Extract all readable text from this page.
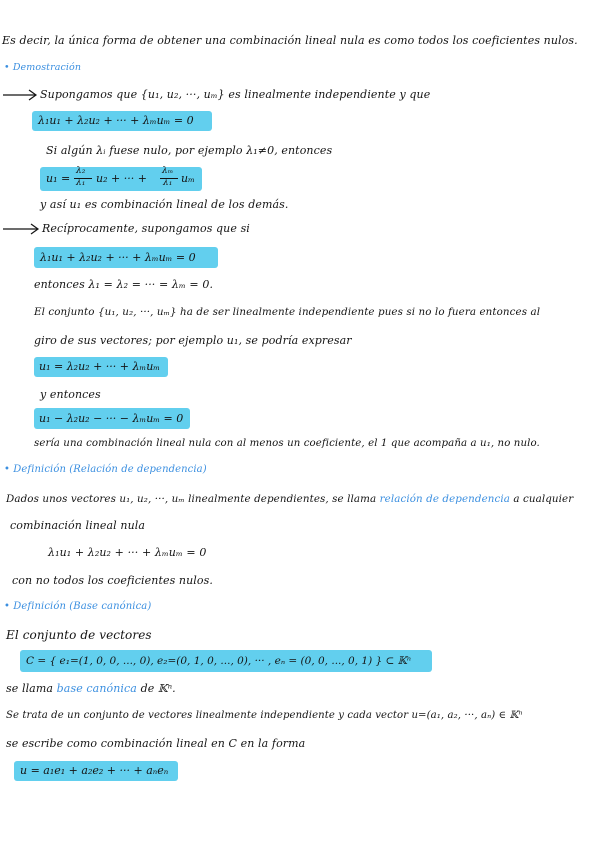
Es decir, la única forma de obtener una combinación lineal nula es como todos los coeficientes nulos.
• Demostración
Supongamos que {u₁, u₂, ···, uₘ} es linealmente independiente y que
λ₁u₁ + λ₂u₂ + ··· + λₘuₘ = 0
Si algún λᵢ fuese nulo, por ejemplo λ₁≠0, entonces
u₁ =
λ₂
λ₁ u₂ + ··· +
λₘ
λ₁ uₘ
y así u₁ es combinación lineal de los demás.
Recíprocamente, supongamos que si
λ₁u₁ + λ₂u₂ + ··· + λₘuₘ = 0
entonces λ₁ = λ₂ = ··· = λₘ = 0.
El conjunto {u₁, u₂, ···, uₘ} ha de ser linealmente independiente pues si no lo fuera entonces al
giro de sus vectores; por ejemplo u₁, se podría expresar
u₁ = λ₂u₂ + ··· + λₘuₘ
y entonces
u₁ − λ₂u₂ − ··· − λₘuₘ = 0
sería una combinación lineal nula con al menos un coeficiente, el 1 que acompaña a u₁, no nulo.
• Definición (Relación de dependencia)
Dados unos vectores u₁, u₂, ···, uₘ linealmente dependientes, se llama relación de dependencia a cualquier
combinación lineal nula
λ₁u₁ + λ₂u₂ + ··· + λₘuₘ = 0
con no todos los coeficientes nulos.
• Definición (Base canónica)
El conjunto de vectores
C = { e₁=(1, 0, 0, ..., 0), e₂=(0, 1, 0, ..., 0), ··· , eₙ = (0, 0, ..., 0, 1) } ⊂ 𝕂ⁿ
se llama base canónica de 𝕂ⁿ.
Se trata de un conjunto de vectores linealmente independiente y cada vector u=(a₁, a₂, ···, aₙ) ∈ 𝕂ⁿ
se escribe como combinación lineal en C en la forma
u = a₁e₁ + a₂e₂ + ··· + aₙeₙ
